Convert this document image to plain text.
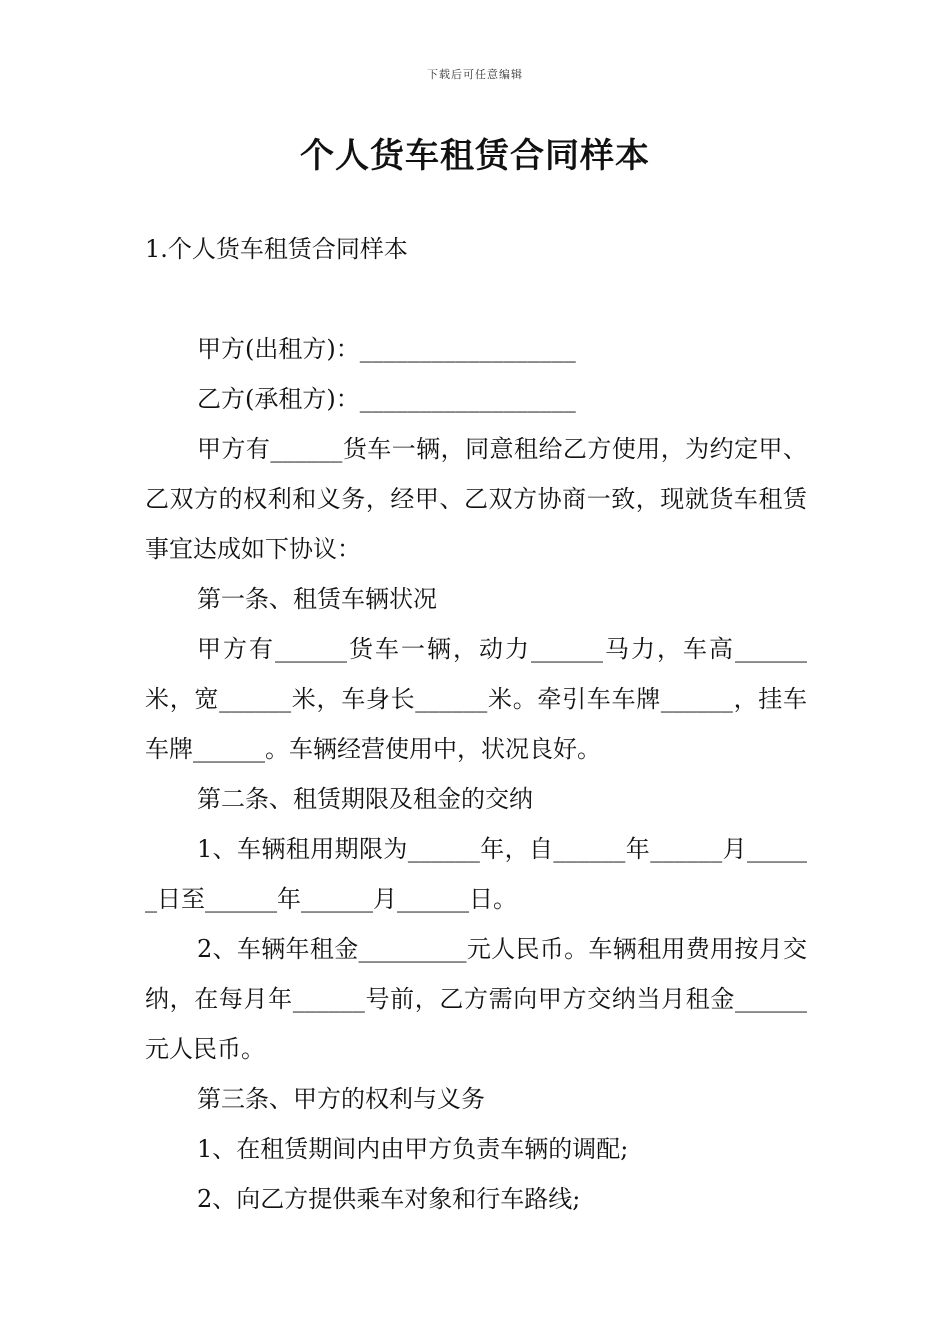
下载后可任意编辑
个人货车租赁合同样本

1.个人货车租赁合同样本

甲方(出租方)：__________________

乙方(承租方)：__________________

甲方有______货车一辆，同意租给乙方使用，为约定甲、乙双方的权利和义务，经甲、乙双方协商一致，现就货车租赁事宜达成如下协议：

第一条、租赁车辆状况

甲方有______货车一辆，动力______马力，车高______米，宽______米，车身长______米。牵引车车牌______，挂车车牌______。车辆经营使用中，状况良好。

第二条、租赁期限及租金的交纳

1、车辆租用期限为______年，自______年______月______日至______年______月______日。

2、车辆年租金_________元人民币。车辆租用费用按月交纳，在每月年______号前，乙方需向甲方交纳当月租金______元人民币。

第三条、甲方的权利与义务

1、在租赁期间内由甲方负责车辆的调配;

2、向乙方提供乘车对象和行车路线;
